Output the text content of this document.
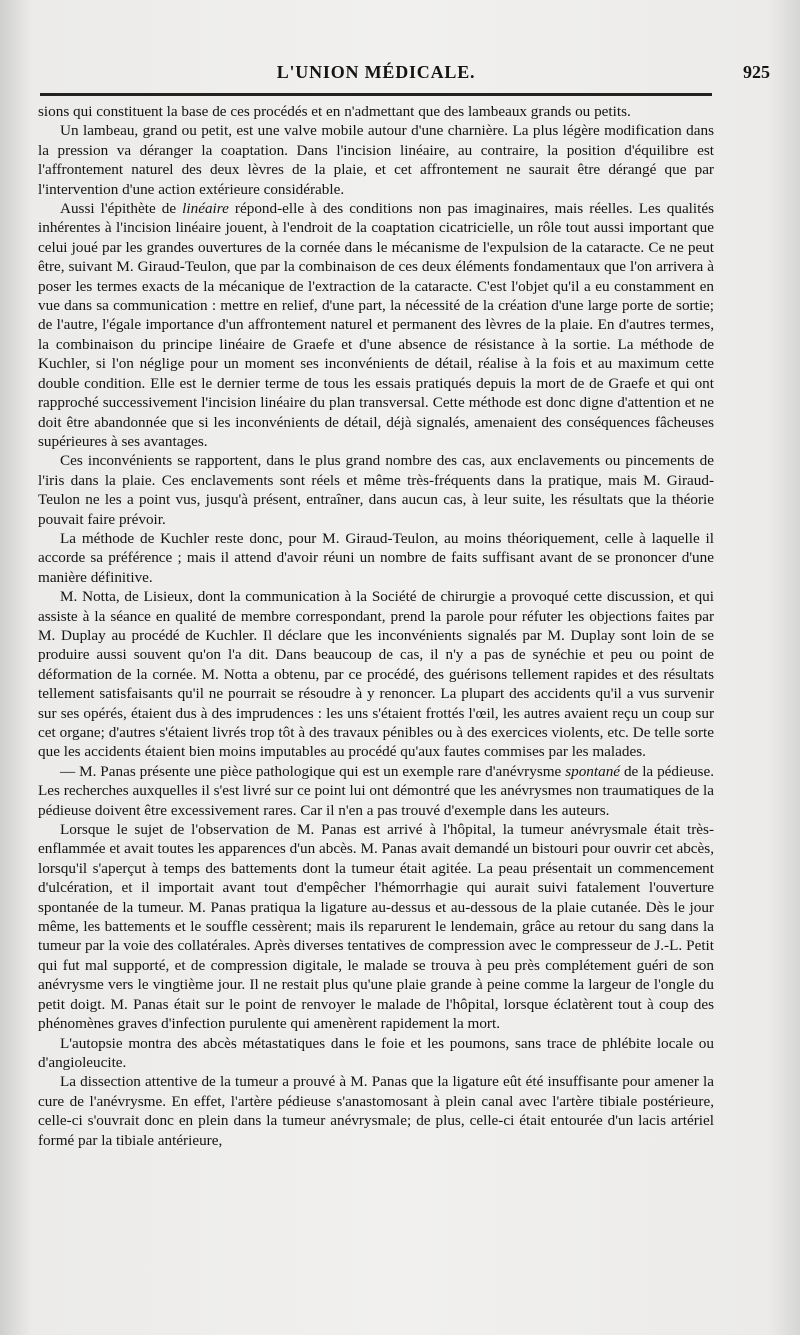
L'UNION MÉDICALE.	925

sions qui constituent la base de ces procédés et en n'admettant que des lambeaux grands ou petits.

Un lambeau, grand ou petit, est une valve mobile autour d'une charnière. La plus légère modification dans la pression va déranger la coaptation. Dans l'incision linéaire, au contraire, la position d'équilibre est l'affrontement naturel des deux lèvres de la plaie, et cet affrontement ne saurait être dérangé que par l'intervention d'une action extérieure considérable.

Aussi l'épithète de linéaire répond-elle à des conditions non pas imaginaires, mais réelles. Les qualités inhérentes à l'incision linéaire jouent, à l'endroit de la coaptation cicatricielle, un rôle tout aussi important que celui joué par les grandes ouvertures de la cornée dans le mécanisme de l'expulsion de la cataracte. Ce ne peut être, suivant M. Giraud-Teulon, que par la combinaison de ces deux éléments fondamentaux que l'on arrivera à poser les termes exacts de la mécanique de l'extraction de la cataracte. C'est l'objet qu'il a eu constamment en vue dans sa communication : mettre en relief, d'une part, la nécessité de la création d'une large porte de sortie; de l'autre, l'égale importance d'un affrontement naturel et permanent des lèvres de la plaie. En d'autres termes, la combinaison du principe linéaire de Graefe et d'une absence de résistance à la sortie. La méthode de Kuchler, si l'on néglige pour un moment ses inconvénients de détail, réalise à la fois et au maximum cette double condition. Elle est le dernier terme de tous les essais pratiqués depuis la mort de de Graefe et qui ont rapproché successivement l'incision linéaire du plan transversal. Cette méthode est donc digne d'attention et ne doit être abandonnée que si les inconvénients de détail, déjà signalés, amenaient des conséquences fâcheuses supérieures à ses avantages.

Ces inconvénients se rapportent, dans le plus grand nombre des cas, aux enclavements ou pincements de l'iris dans la plaie. Ces enclavements sont réels et même très-fréquents dans la pratique, mais M. Giraud-Teulon ne les a point vus, jusqu'à présent, entraîner, dans aucun cas, à leur suite, les résultats que la théorie pouvait faire prévoir.

La méthode de Kuchler reste donc, pour M. Giraud-Teulon, au moins théoriquement, celle à laquelle il accorde sa préférence ; mais il attend d'avoir réuni un nombre de faits suffisant avant de se prononcer d'une manière définitive.

M. Notta, de Lisieux, dont la communication à la Société de chirurgie a provoqué cette discussion, et qui assiste à la séance en qualité de membre correspondant, prend la parole pour réfuter les objections faites par M. Duplay au procédé de Kuchler. Il déclare que les inconvénients signalés par M. Duplay sont loin de se produire aussi souvent qu'on l'a dit. Dans beaucoup de cas, il n'y a pas de synéchie et peu ou point de déformation de la cornée. M. Notta a obtenu, par ce procédé, des guérisons tellement rapides et des résultats tellement satisfaisants qu'il ne pourrait se résoudre à y renoncer. La plupart des accidents qu'il a vus survenir sur ses opérés, étaient dus à des imprudences : les uns s'étaient frottés l'œil, les autres avaient reçu un coup sur cet organe; d'autres s'étaient livrés trop tôt à des travaux pénibles ou à des exercices violents, etc. De telle sorte que les accidents étaient bien moins imputables au procédé qu'aux fautes commises par les malades.

— M. Panas présente une pièce pathologique qui est un exemple rare d'anévrysme spontané de la pédieuse. Les recherches auxquelles il s'est livré sur ce point lui ont démontré que les anévrysmes non traumatiques de la pédieuse doivent être excessivement rares. Car il n'en a pas trouvé d'exemple dans les auteurs.

Lorsque le sujet de l'observation de M. Panas est arrivé à l'hôpital, la tumeur anévrysmale était très-enflammée et avait toutes les apparences d'un abcès. M. Panas avait demandé un bistouri pour ouvrir cet abcès, lorsqu'il s'aperçut à temps des battements dont la tumeur était agitée. La peau présentait un commencement d'ulcération, et il importait avant tout d'empêcher l'hémorrhagie qui aurait suivi fatalement l'ouverture spontanée de la tumeur. M. Panas pratiqua la ligature au-dessus et au-dessous de la plaie cutanée. Dès le jour même, les battements et le souffle cessèrent; mais ils reparurent le lendemain, grâce au retour du sang dans la tumeur par la voie des collatérales. Après diverses tentatives de compression avec le compresseur de J.-L. Petit qui fut mal supporté, et de compression digitale, le malade se trouva à peu près complétement guéri de son anévrysme vers le vingtième jour. Il ne restait plus qu'une plaie grande à peine comme la largeur de l'ongle du petit doigt. M. Panas était sur le point de renvoyer le malade de l'hôpital, lorsque éclatèrent tout à coup des phénomènes graves d'infection purulente qui amenèrent rapidement la mort.

L'autopsie montra des abcès métastatiques dans le foie et les poumons, sans trace de phlébite locale ou d'angioleucite.

La dissection attentive de la tumeur a prouvé à M. Panas que la ligature eût été insuffisante pour amener la cure de l'anévrysme. En effet, l'artère pédieuse s'anastomosant à plein canal avec l'artère tibiale postérieure, celle-ci s'ouvrait donc en plein dans la tumeur anévrysmale; de plus, celle-ci était entourée d'un lacis artériel formé par la tibiale antérieure,
